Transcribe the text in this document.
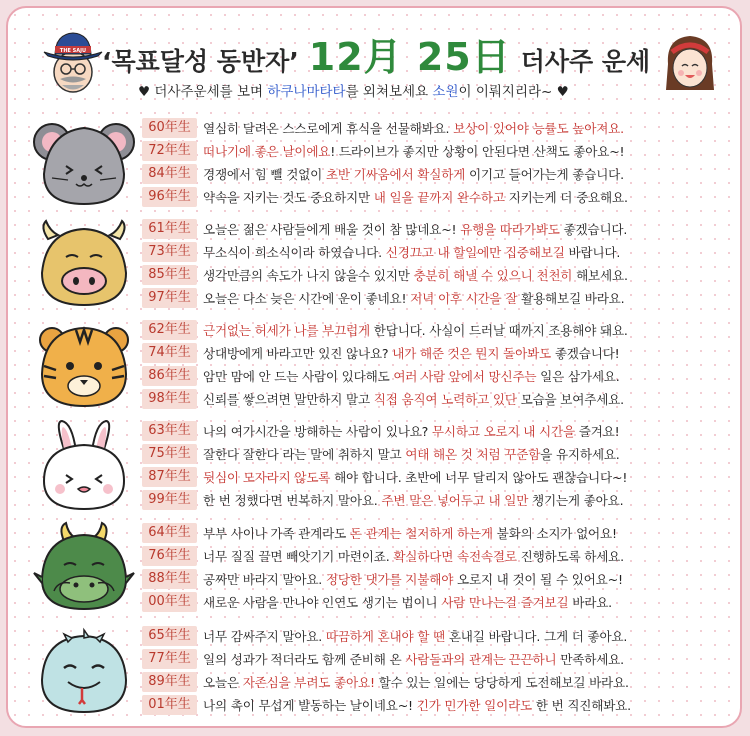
THE SAJU ‘목표달성 동반자’ 12月 25日 더사주 운세
♥ 더사주운세를 보며 하쿠나마타타를 외쳐보세요 소원이 이뤄지리라~ ♥
60年生 열심히 달려온 스스로에게 휴식을 선물해봐요. 보상이 있어야 능률도 높아져요.
72年生 떠나기에 좋은 날이에요! 드라이브가 좋지만 상황이 안된다면 산책도 좋아요~!
84年生 경쟁에서 힘 뺄 것없이 초반 기싸움에서 확실하게 이기고 들어가는게 좋습니다.
96年生 약속을 지키는 것도 중요하지만 내 일을 끝까지 완수하고 지키는게 더 중요해요.
61年生 오늘은 젊은 사람들에게 배울 것이 참 많네요~! 유행을 따라가봐도 좋겠습니다.
73年生 무소식이 희소식이라 하였습니다. 신경끄고 내 할일에만 집중해보길 바랍니다.
85年生 생각만큼의 속도가 나지 않을수 있지만 충분히 해낼 수 있으니 천천히 해보세요.
97年生 오늘은 다소 늦은 시간에 운이 좋네요! 저녁 이후 시간을 잘 활용해보길 바라요.
62年生 근거없는 허세가 나를 부끄럽게 한답니다. 사실이 드러날 때까지 조용해야 돼요.
74年生 상대방에게 바라고만 있진 않나요? 내가 해준 것은 뭔지 돌아봐도 좋겠습니다!
86年生 암만 맘에 안 드는 사람이 있다해도 여러 사람 앞에서 망신주는 일은 삼가세요.
98年生 신뢰를 쌓으려면 말만하지 말고 직접 움직여 노력하고 있단 모습을 보여주세요.
63年生 나의 여가시간을 방해하는 사람이 있나요? 무시하고 오로지 내 시간을 즐겨요!
75年生 잘한다 잘한다 라는 말에 취하지 말고 여태 해온 것 처럼 꾸준함을 유지하세요.
87年生 뒷심이 모자라지 않도록 해야 합니다. 초반에 너무 달리지 않아도 괜찮습니다~!
99年生 한 번 정했다면 번복하지 말아요. 주변 말은 넣어두고 내 일만 챙기는게 좋아요.
64年生 부부 사이나 가족 관계라도 돈 관계는 철저하게 하는게 불화의 소지가 없어요!
76年生 너무 질질 끌면 빼앗기기 마련이죠. 확실하다면 속전속결로 진행하도록 하세요.
88年生 공짜만 바라지 말아요. 정당한 댓가를 지불해야 오로지 내 것이 될 수 있어요~!
00年生 새로운 사람을 만나야 인연도 생기는 법이니 사람 만나는걸 즐겨보길 바라요.
65年生 너무 감싸주지 말아요. 따끔하게 혼내야 할 땐 혼내길 바랍니다. 그게 더 좋아요.
77年生 일의 성과가 적더라도 함께 준비해 온 사람들과의 관계는 끈끈하니 만족하세요.
89年生 오늘은 자존심을 부려도 좋아요! 할수 있는 일에는 당당하게 도전해보길 바라요.
01年生 나의 촉이 무섭게 발동하는 날이네요~! 긴가 민가한 일이라도 한 번 직진해봐요.
